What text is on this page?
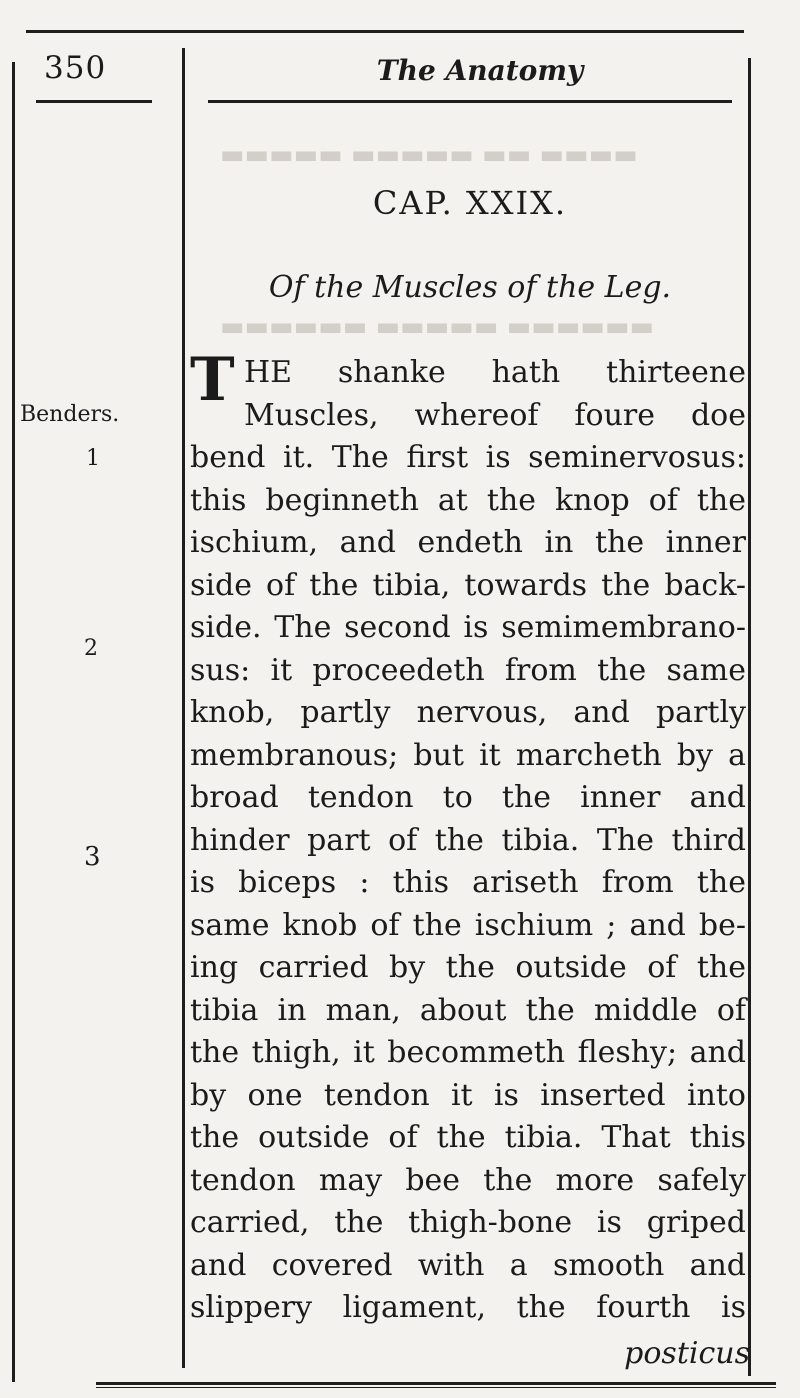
▬▬▬▬ ▬▬ ▬▬▬▬▬ ▬▬▬▬▬
▬▬▬▬▬▬ ▬▬▬▬▬ ▬▬▬▬▬▬
350	The Anatomy
CAP. XXIX.
Of the Muscles of the Leg.
Benders.
1
2
3
T HE shanke hath thirteene
Muscles, whereof foure doe
bend it. The first is seminervosus:
this beginneth at the knop of the
ischium, and endeth in the inner
side of the tibia, towards the back-
side. The second is semimembrano-
sus: it proceedeth from the same
knob, partly nervous, and partly
membranous; but it marcheth by a
broad tendon to the inner and
hinder part of the tibia. The third
is biceps : this ariseth from the
same knob of the ischium ; and be-
ing carried by the outside of the
tibia in man, about the middle of
the thigh, it becommeth fleshy; and
by one tendon it is inserted into
the outside of the tibia. That this
tendon may bee the more safely
carried, the thigh-bone is griped
and covered with a smooth and
slippery ligament, the fourth is
posticus
